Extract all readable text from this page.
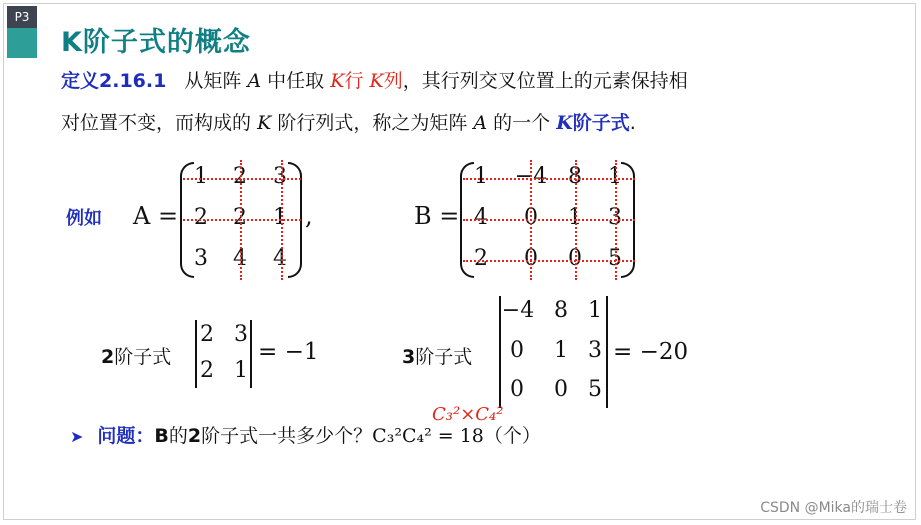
P3
K阶子式的概念
定义2.16.1 从矩阵 A 中任取 K行 K列，其行列交叉位置上的元素保持相
对位置不变，而构成的 K 阶行列式，称之为矩阵 A 的一个 K阶子式.
例如 A =
1	2	3
2	2	1
3	4	4
,	B =
1	−4 8	1
4	0	1	3
2	0	0	5
2阶子式
2 3
2 1
= −1	3阶子式
−4 8 1
0	1 3
0	0 5
= −20
➤ 问题：B的2阶子式一共多少个？C₃²C₄² = 18（个）
C₃²×C₄²
CSDN @Mika的瑞士卷
